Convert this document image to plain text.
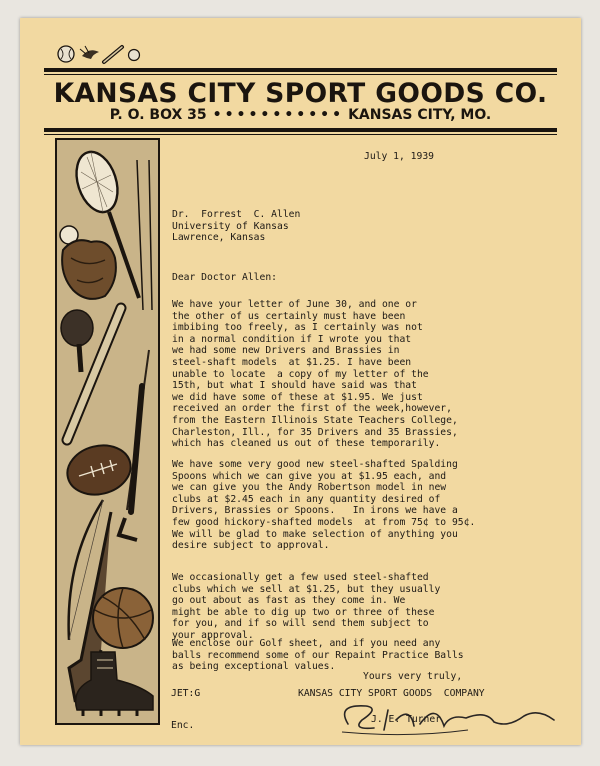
KANSAS CITY SPORT GOODS CO.
P. O. BOX 35 ••••••••••• KANSAS CITY, MO.
July 1, 1939
Dr.  Forrest  C. Allen
University of Kansas
Lawrence, Kansas
Dear Doctor Allen:
We have your letter of June 30, and one or
the other of us certainly must have been
imbibing too freely, as I certainly was not
in a normal condition if I wrote you that
we had some new Drivers and Brassies in
steel-shaft models  at $1.25. I have been
unable to locate  a copy of my letter of the
15th, but what I should have said was that
we did have some of these at $1.95. We just
received an order the first of the week,however,
from the Eastern Illinois State Teachers College,
Charleston, Ill., for 35 Drivers and 35 Brassies,
which has cleaned us out of these temporarily.
We have some very good new steel-shafted Spalding
Spoons which we can give you at $1.95 each, and
we can give you the Andy Robertson model in new
clubs at $2.45 each in any quantity desired of
Drivers, Brassies or Spoons.   In irons we have a
few good hickory-shafted models  at from 75¢ to 95¢.
We will be glad to make selection of anything you
desire subject to approval.
We occasionally get a few used steel-shafted
clubs which we sell at $1.25, but they usually
go out about as fast as they come in. We
might be able to dig up two or three of these
for you, and if so will send them subject to
your approval.
We enclose our Golf sheet, and if you need any
balls recommend some of our Repaint Practice Balls
as being exceptional values.
Yours very truly,
JET:G	KANSAS CITY SPORT GOODS  COMPANY
J. E. Turner
Enc.
